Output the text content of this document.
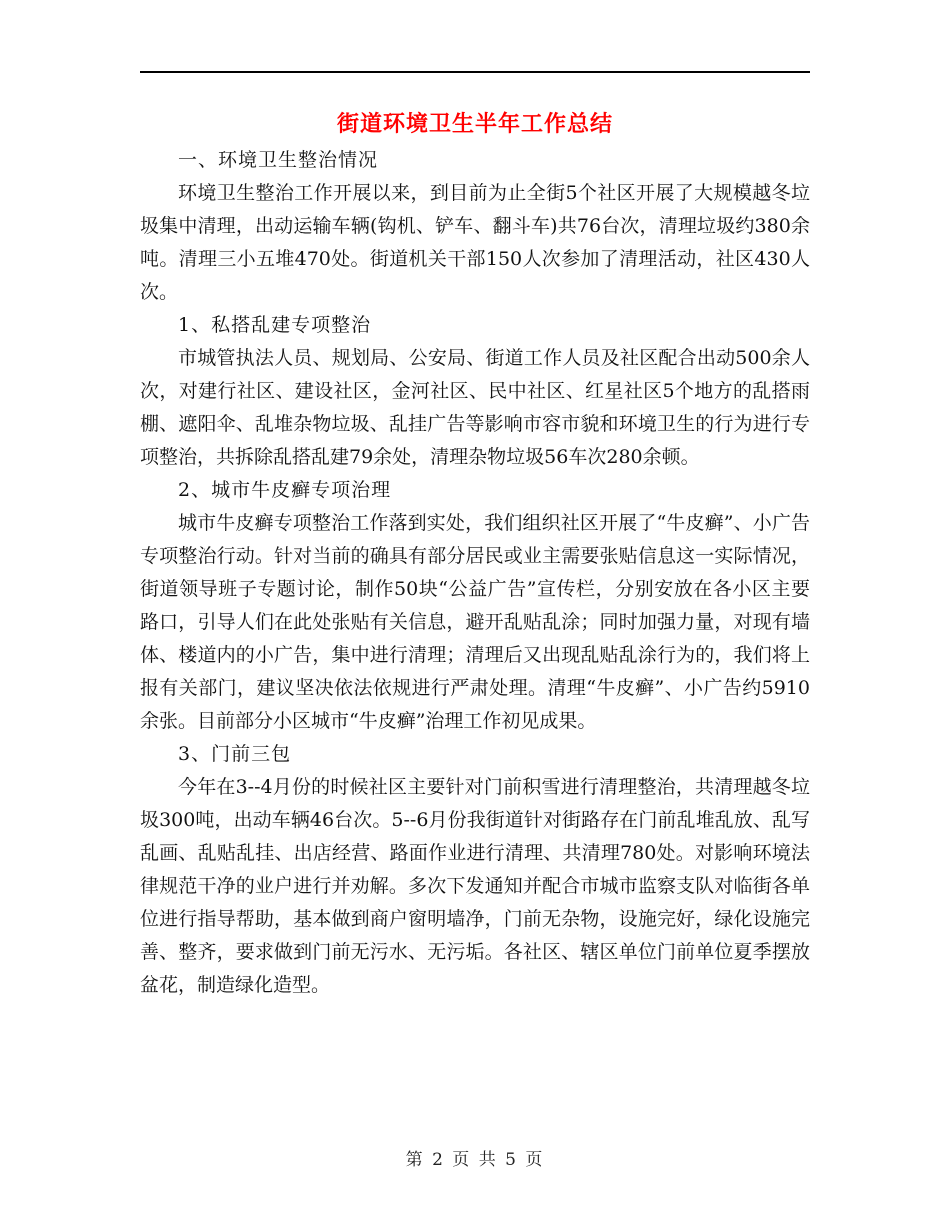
街道环境卫生半年工作总结

一、环境卫生整治情况

环境卫生整治工作开展以来，到目前为止全街5个社区开展了大规模越冬垃圾集中清理，出动运输车辆(钩机、铲车、翻斗车)共76台次，清理垃圾约380余吨。清理三小五堆470处。街道机关干部150人次参加了清理活动，社区430人次。

1、私搭乱建专项整治

市城管执法人员、规划局、公安局、街道工作人员及社区配合出动500余人次，对建行社区、建设社区，金河社区、民中社区、红星社区5个地方的乱搭雨棚、遮阳伞、乱堆杂物垃圾、乱挂广告等影响市容市貌和环境卫生的行为进行专项整治，共拆除乱搭乱建79余处，清理杂物垃圾56车次280余顿。

2、城市牛皮癣专项治理

城市牛皮癣专项整治工作落到实处，我们组织社区开展了“牛皮癣”、小广告专项整治行动。针对当前的确具有部分居民或业主需要张贴信息这一实际情况，街道领导班子专题讨论，制作50块“公益广告”宣传栏，分别安放在各小区主要路口，引导人们在此处张贴有关信息，避开乱贴乱涂；同时加强力量，对现有墙体、楼道内的小广告，集中进行清理；清理后又出现乱贴乱涂行为的，我们将上报有关部门，建议坚决依法依规进行严肃处理。清理“牛皮癣”、小广告约5910余张。目前部分小区城市“牛皮癣”治理工作初见成果。

3、门前三包

今年在3--4月份的时候社区主要针对门前积雪进行清理整治，共清理越冬垃圾300吨，出动车辆46台次。5--6月份我街道针对街路存在门前乱堆乱放、乱写乱画、乱贴乱挂、出店经营、路面作业进行清理、共清理780处。对影响环境法律规范干净的业户进行并劝解。多次下发通知并配合市城市监察支队对临街各单位进行指导帮助，基本做到商户窗明墙净，门前无杂物，设施完好，绿化设施完善、整齐，要求做到门前无污水、无污垢。各社区、辖区单位门前单位夏季摆放盆花，制造绿化造型。

第 2 页 共 5 页
